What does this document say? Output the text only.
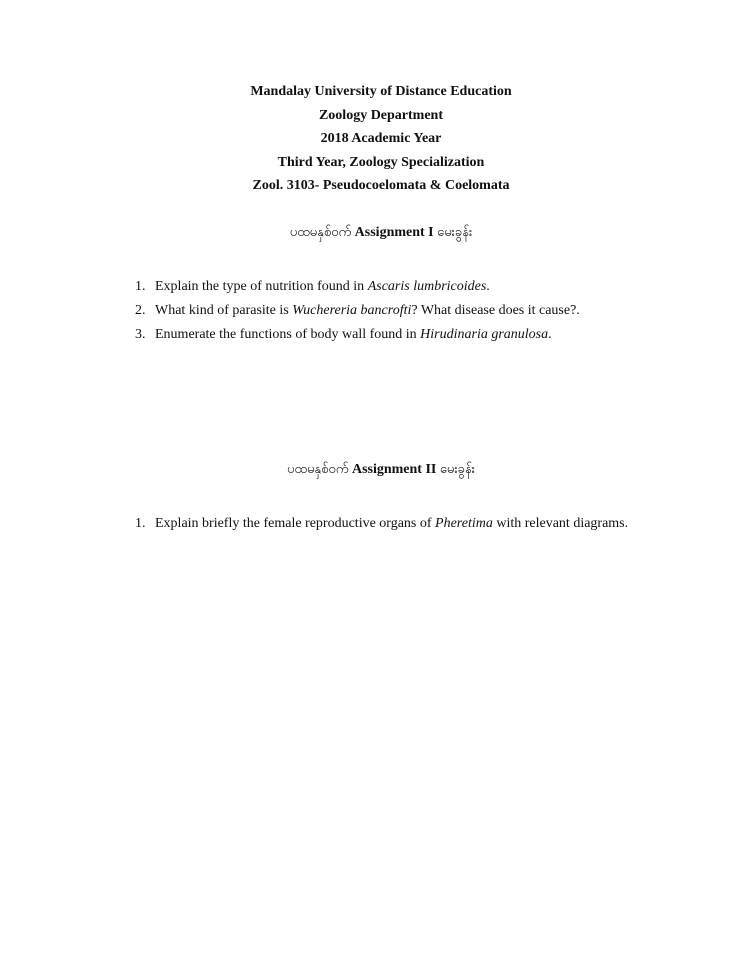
Mandalay University of Distance Education
Zoology Department
2018 Academic Year
Third Year, Zoology Specialization
Zool. 3103- Pseudocoelomata & Coelomata
ပထမနှစ်ဝက် Assignment I မေးခွန်း
1. Explain the type of nutrition found in Ascaris lumbricoides.
2. What kind of parasite is Wuchereria bancrofti? What disease does it cause?.
3. Enumerate the functions of body wall found in Hirudinaria granulosa.
ပထမနှစ်ဝက် Assignment II မေးခွန်း
1. Explain briefly the female reproductive organs of Pheretima with relevant diagrams.
